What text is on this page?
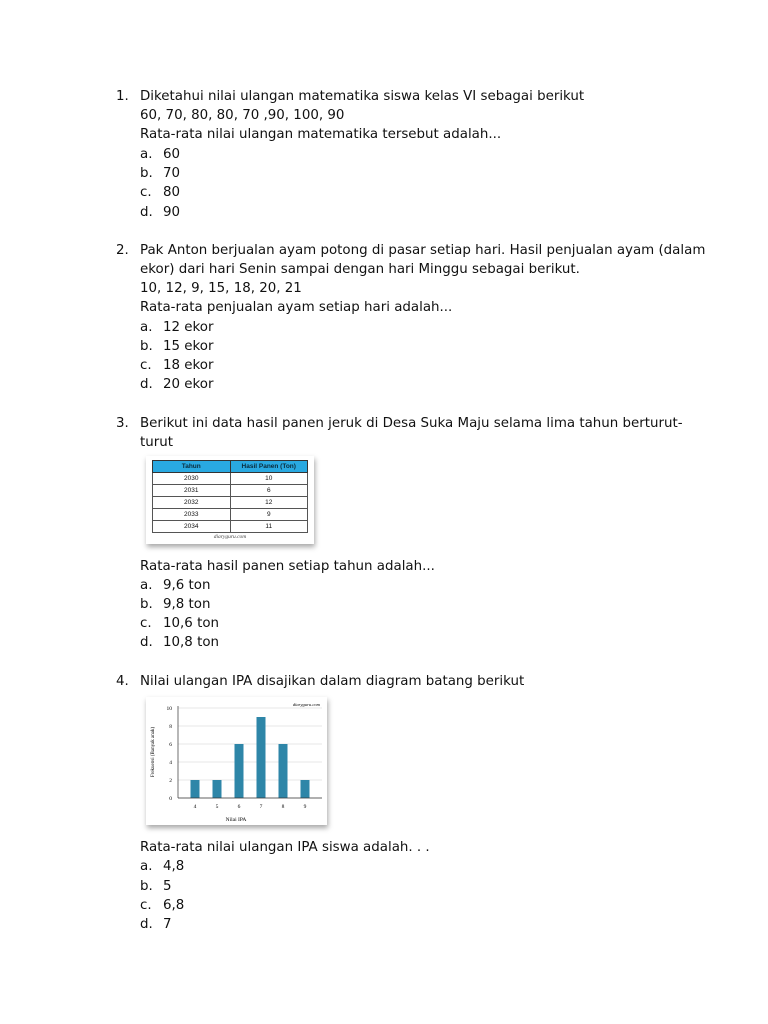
1. Diketahui nilai ulangan matematika siswa kelas VI sebagai berikut
60, 70, 80, 80, 70 ,90, 100, 90
Rata-rata nilai ulangan matematika tersebut adalah...
a. 60
b. 70
c. 80
d. 90
2. Pak Anton berjualan ayam potong di pasar setiap hari. Hasil penjualan ayam (dalam
ekor) dari hari Senin sampai dengan hari Minggu sebagai berikut.
10, 12, 9, 15, 18, 20, 21
Rata-rata penjualan ayam setiap hari adalah...
a. 12 ekor
b. 15 ekor
c. 18 ekor
d. 20 ekor
3. Berikut ini data hasil panen jeruk di Desa Suka Maju selama lima tahun berturut-
turut
Rata-rata hasil panen setiap tahun adalah...
a. 9,6 ton
b. 9,8 ton
c. 10,6 ton
d. 10,8 ton
Tahun	Hasil Panen (Ton)
2030	10
2031	6
2032	12
2033	9
2034	11
diaryguru.com
4. Nilai ulangan IPA disajikan dalam diagram batang berikut
Rata-rata nilai ulangan IPA siswa adalah. . .
a. 4,8
b. 5
c. 6,8
d. 7
0
2
4
6
8
10
4	5	6	7	8	9
Nilai IPA
Frekuensi (Banyak anak)
diaryguru.com
